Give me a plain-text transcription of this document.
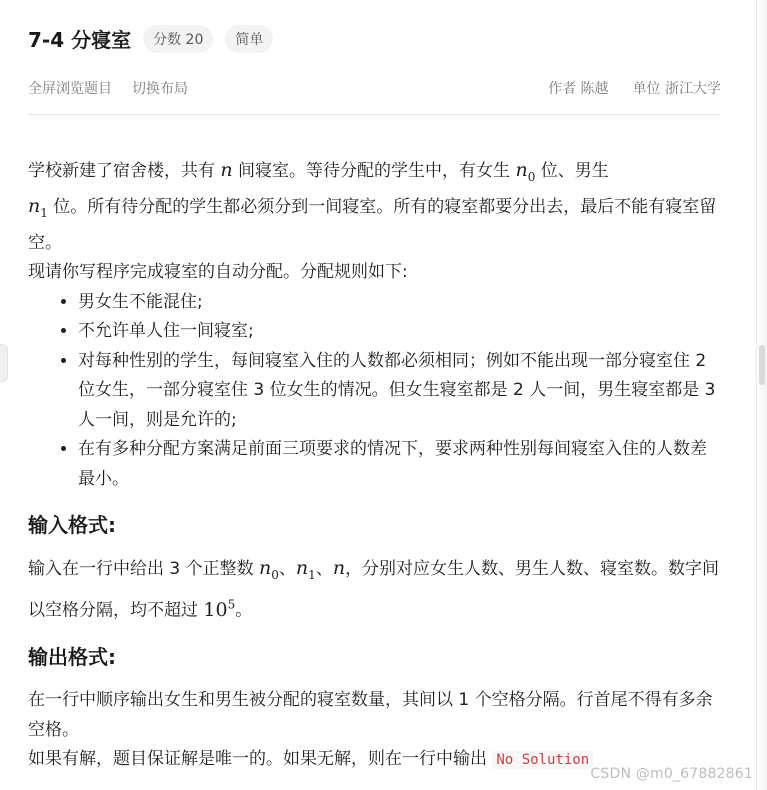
7-4 分寝室	分数 20	简单
全屏浏览题目 切换布局	作者 陈越 单位 浙江大学

学校新建了宿舍楼，共有 n 间寝室。等待分配的学生中，有女生 $n_0$ 位、男生
$n_1$ 位。所有待分配的学生都必须分到一间寝室。所有的寝室都要分出去，最后不能有寝室留空。

现请你写程序完成寝室的自动分配。分配规则如下:

• 男女生不能混住;
• 不允许单人住一间寝室;
• 对每种性别的学生，每间寝室入住的人数都必须相同；例如不能出现一部分寝室住 2 位女生，一部分寝室住 3 位女生的情况。但女生寝室都是 2 人一间，男生寝室都是 3 人一间，则是允许的;
• 在有多种分配方案满足前面三项要求的情况下，要求两种性别每间寝室入住的人数差最小。
输入格式:

输入在一行中给出 3 个正整数 $n_0$、$n_1$、n，分别对应女生人数、男生人数、寝室数。数字间以空格分隔，均不超过 $10^5$。

输出格式:

在一行中顺序输出女生和男生被分配的寝室数量，其间以 1 个空格分隔。行首尾不得有多余空格。

如果有解，题目保证解是唯一的。如果无解，则在一行中输出 No Solution

CSDN @m0_67882861
